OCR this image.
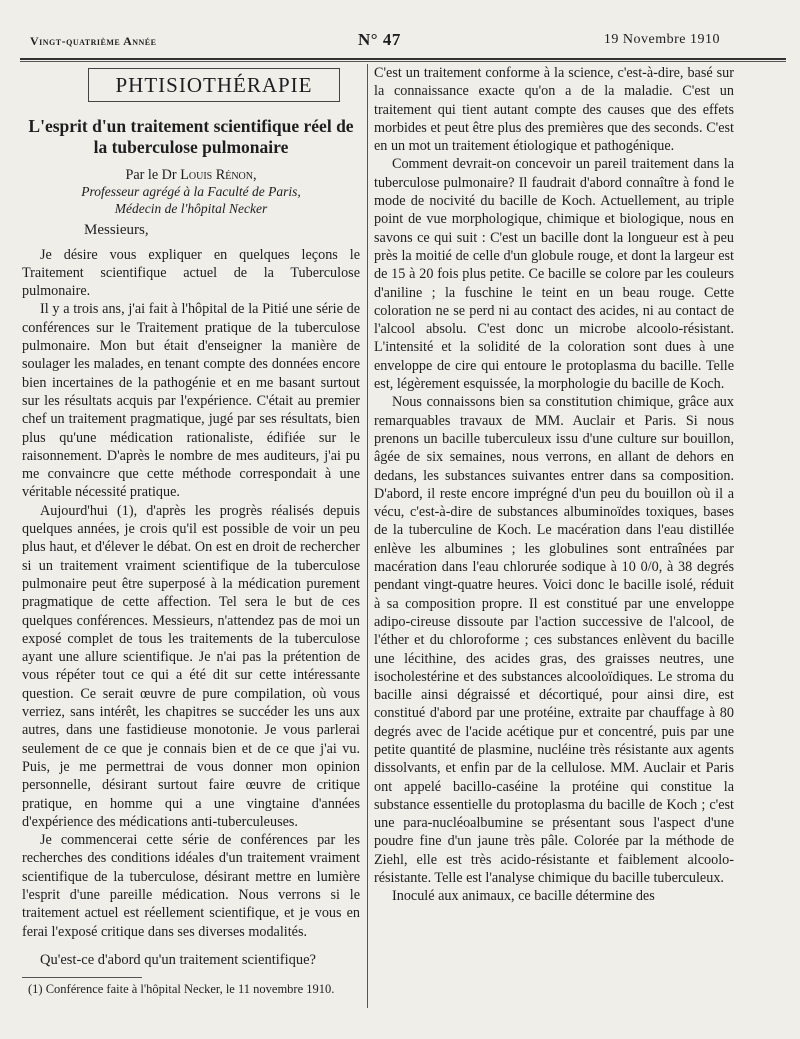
Vingt-quatrième Année	N° 47	19 Novembre 1910
PHTISIOTHÉRAPIE
L'esprit d'un traitement scientifique réel de la tuberculose pulmonaire
Par le Dr Louis Rénon,
Professeur agrégé à la Faculté de Paris,
Médecin de l'hôpital Necker
Messieurs,

Je désire vous expliquer en quelques leçons le Traitement scientifique actuel de la Tuberculose pulmonaire.

Il y a trois ans, j'ai fait à l'hôpital de la Pitié une série de conférences sur le Traitement pratique de la tuberculose pulmonaire. Mon but était d'enseigner la manière de soulager les malades, en tenant compte des données encore bien incertaines de la pathogénie et en me basant surtout sur les résultats acquis par l'expérience. C'était au premier chef un traitement pragmatique, jugé par ses résultats, bien plus qu'une médication rationaliste, édifiée sur le raisonnement. D'après le nombre de mes auditeurs, j'ai pu me convaincre que cette méthode correspondait à une véritable nécessité pratique.

Aujourd'hui (1), d'après les progrès réalisés depuis quelques années, je crois qu'il est possible de voir un peu plus haut, et d'élever le débat. On est en droit de rechercher si un traitement vraiment scientifique de la tuberculose pulmonaire peut être superposé à la médication purement pragmatique de cette affection. Tel sera le but de ces quelques conférences. Messieurs, n'attendez pas de moi un exposé complet de tous les traitements de la tuberculose ayant une allure scientifique. Je n'ai pas la prétention de vous répéter tout ce qui a été dit sur cette intéressante question. Ce serait œuvre de pure compilation, où vous verriez, sans intérêt, les chapitres se succéder les uns aux autres, dans une fastidieuse monotonie. Je vous parlerai seulement de ce que je connais bien et de ce que j'ai vu. Puis, je me permettrai de vous donner mon opinion personnelle, désirant surtout faire œuvre de critique pratique, en homme qui a une vingtaine d'années d'expérience des médications anti-tuberculeuses.

Je commencerai cette série de conférences par les recherches des conditions idéales d'un traitement vraiment scientifique de la tuberculose, désirant mettre en lumière l'esprit d'une pareille médication. Nous verrons si le traitement actuel est réellement scientifique, et je vous en ferai l'exposé critique dans ses diverses modalités.

Qu'est-ce d'abord qu'un traitement scientifique?
(1) Conférence faite à l'hôpital Necker, le 11 novembre 1910.

C'est un traitement conforme à la science, c'est-à-dire, basé sur la connaissance exacte qu'on a de la maladie. C'est un traitement qui tient autant compte des causes que des effets morbides et peut être plus des premières que des seconds. C'est en un mot un traitement étiologique et pathogénique.

Comment devrait-on concevoir un pareil traitement dans la tuberculose pulmonaire? Il faudrait d'abord connaître à fond le mode de nocivité du bacille de Koch. Actuellement, au triple point de vue morphologique, chimique et biologique, nous en savons ce qui suit : C'est un bacille dont la longueur est à peu près la moitié de celle d'un globule rouge, et dont la largeur est de 15 à 20 fois plus petite. Ce bacille se colore par les couleurs d'aniline ; la fuschine le teint en un beau rouge. Cette coloration ne se perd ni au contact des acides, ni au contact de l'alcool absolu. C'est donc un microbe alcoolo-résistant. L'intensité et la solidité de la coloration sont dues à une enveloppe de cire qui entoure le protoplasma du bacille. Telle est, légèrement esquissée, la morphologie du bacille de Koch.

Nous connaissons bien sa constitution chimique, grâce aux remarquables travaux de MM. Auclair et Paris. Si nous prenons un bacille tuberculeux issu d'une culture sur bouillon, âgée de six semaines, nous verrons, en allant de dehors en dedans, les substances suivantes entrer dans sa composition. D'abord, il reste encore imprégné d'un peu du bouillon où il a vécu, c'est-à-dire de substances albuminoïdes toxiques, bases de la tuberculine de Koch. Le macération dans l'eau distillée enlève les albumines ; les globulines sont entraînées par macération dans l'eau chlorurée sodique à 10 0/0, à 38 degrés pendant vingt-quatre heures. Voici donc le bacille isolé, réduit à sa composition propre. Il est constitué par une enveloppe adipo-cireuse dissoute par l'action successive de l'alcool, de l'éther et du chloroforme ; ces substances enlèvent du bacille une lécithine, des acides gras, des graisses neutres, une isocholestérine et des substances alcooloïdiques. Le stroma du bacille ainsi dégraissé et décortiqué, pour ainsi dire, est constitué d'abord par une protéine, extraite par chauffage à 80 degrés avec de l'acide acétique pur et concentré, puis par une petite quantité de plasmine, nucléine très résistante aux agents dissolvants, et enfin par de la cellulose. MM. Auclair et Paris ont appelé bacillo-caséine la protéine qui constitue la substance essentielle du protoplasma du bacille de Koch ; c'est une para-nucléoalbumine se présentant sous l'aspect d'une poudre fine d'un jaune très pâle. Colorée par la méthode de Ziehl, elle est très acido-résistante et faiblement alcoolo-résistante. Telle est l'analyse chimique du bacille tuberculeux.

Inoculé aux animaux, ce bacille détermine des
